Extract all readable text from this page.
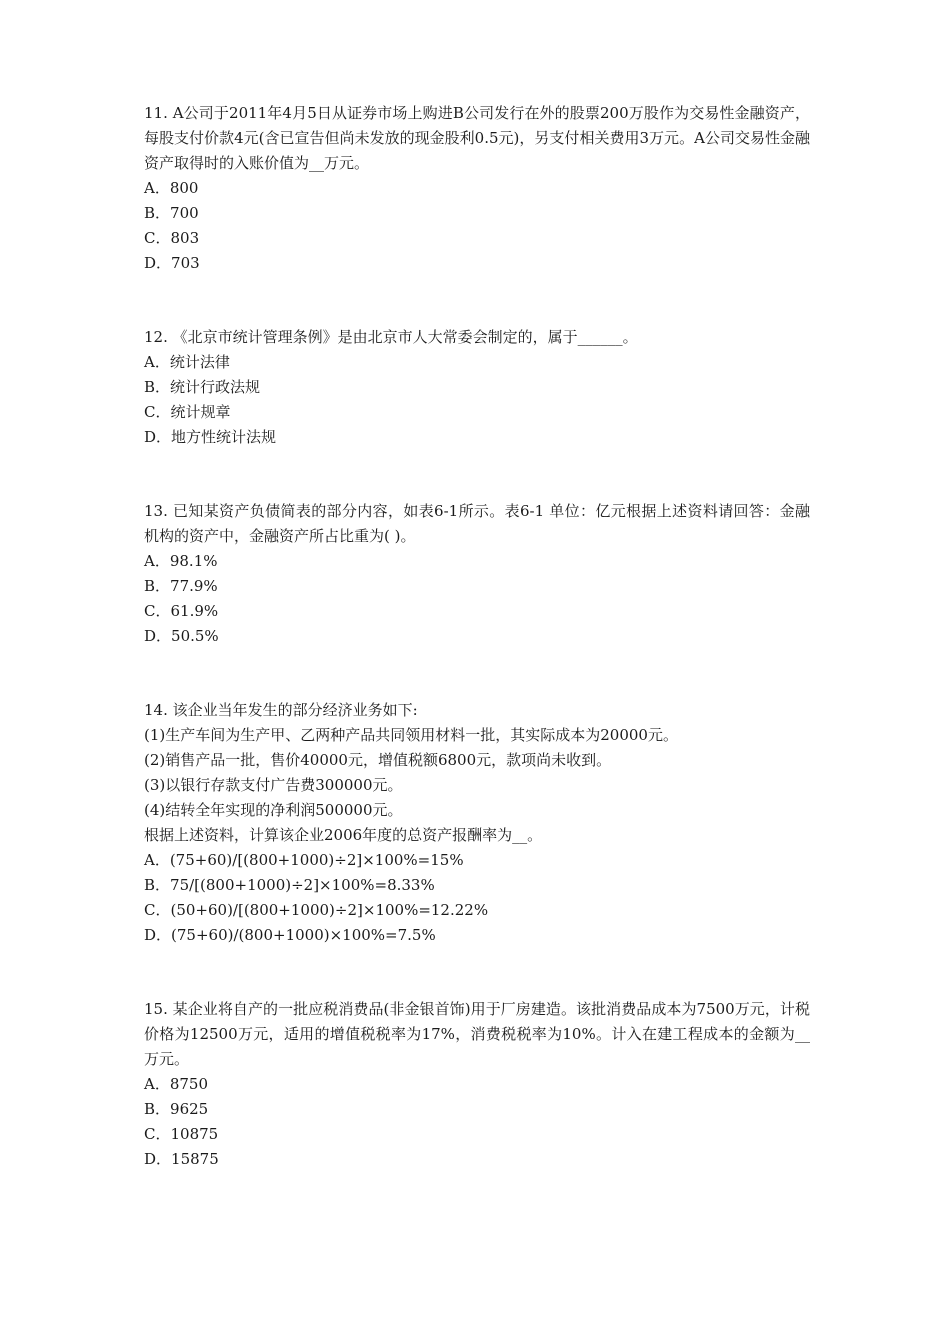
11. A公司于2011年4月5日从证券市场上购进B公司发行在外的股票200万股作为交易性金融资产，每股支付价款4元(含已宣告但尚未发放的现金股利0.5元)，另支付相关费用3万元。A公司交易性金融资产取得时的入账价值为__万元。

A．800
B．700
C．803
D．703

12. 《北京市统计管理条例》是由北京市人大常委会制定的，属于______。

A．统计法律
B．统计行政法规
C．统计规章
D．地方性统计法规

13. 已知某资产负债简表的部分内容，如表6-1所示。表6-1 单位：亿元根据上述资料请回答：金融机构的资产中，金融资产所占比重为( )。

A．98.1%
B．77.9%
C．61.9%
D．50.5%

14. 该企业当年发生的部分经济业务如下:

(1)生产车间为生产甲、乙两种产品共同领用材料一批，其实际成本为20000元。

(2)销售产品一批，售价40000元，增值税额6800元，款项尚未收到。

(3)以银行存款支付广告费300000元。

(4)结转全年实现的净利润500000元。

根据上述资料，计算该企业2006年度的总资产报酬率为__。

A．(75+60)/[(800+1000)÷2]×100%=15%
B．75/[(800+1000)÷2]×100%=8.33%
C．(50+60)/[(800+1000)÷2]×100%=12.22%
D．(75+60)/(800+1000)×100%=7.5%

15. 某企业将自产的一批应税消费品(非金银首饰)用于厂房建造。该批消费品成本为7500万元，计税价格为12500万元，适用的增值税税率为17%，消费税税率为10%。计入在建工程成本的金额为__万元。

A．8750
B．9625
C．10875
D．15875
